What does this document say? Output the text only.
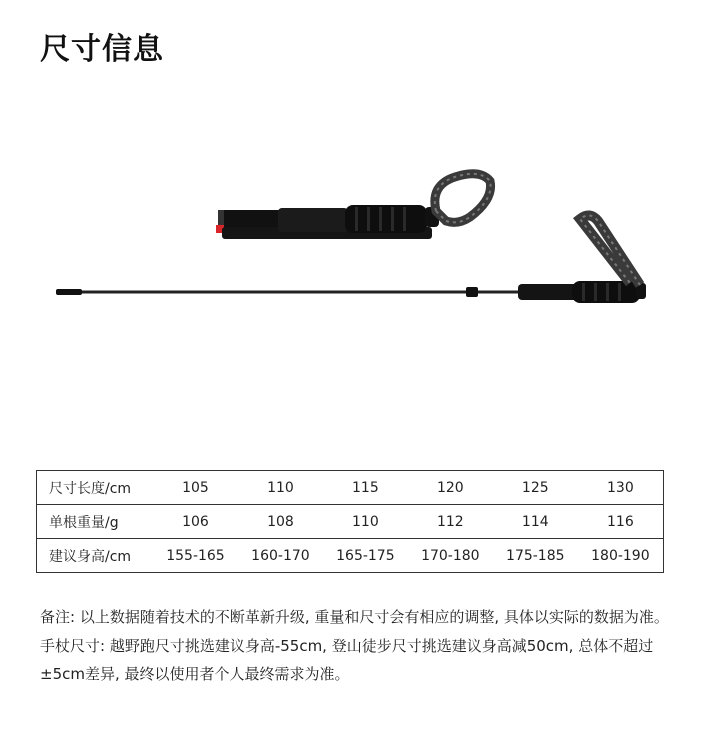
尺寸信息
尺寸长度/cm	105	110	115	120	125	130
单根重量/g	106	108	110	112	114	116
建议身高/cm	155-165	160-170	165-175	170-180	175-185	180-190

备注: 以上数据随着技术的不断革新升级, 重量和尺寸会有相应的调整, 具体以实际的数据为准。

手杖尺寸: 越野跑尺寸挑选建议身高-55cm, 登山徒步尺寸挑选建议身高减50cm, 总体不超过±5cm差异, 最终以使用者个人最终需求为准。
